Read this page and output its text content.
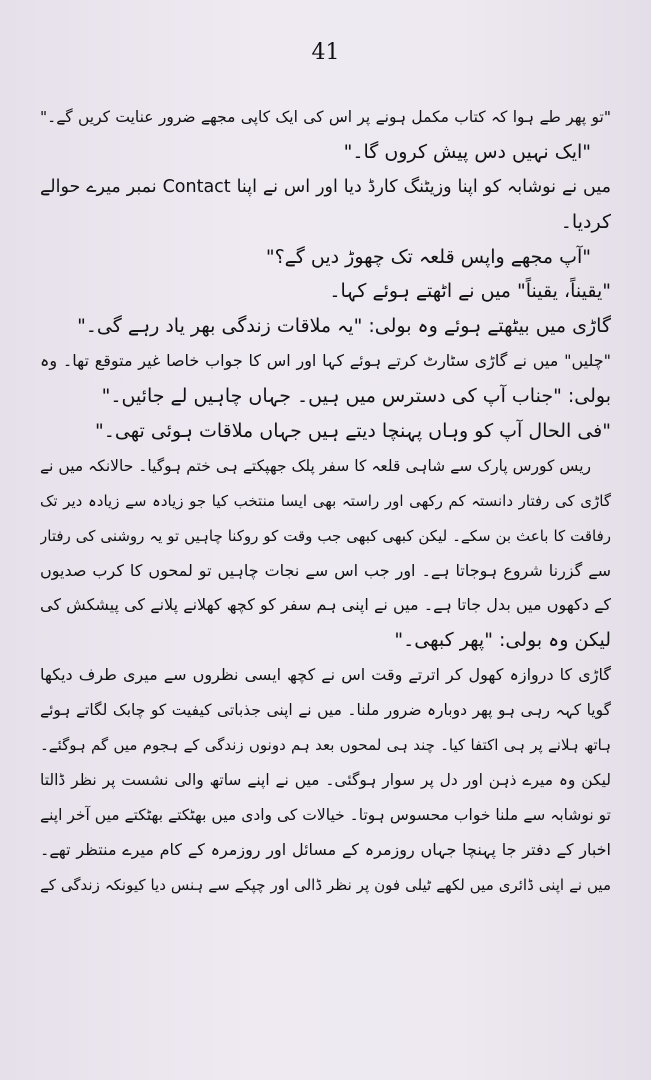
41
"تو پھر طے ہوا کہ کتاب مکمل ہونے پر اس کی ایک کاپی مجھے ضرور عنایت کریں گے۔"
"ایک نہیں دس پیش کروں گا۔"
میں نے نوشابہ کو اپنا وزیٹنگ کارڈ دیا اور اس نے اپنا Contact نمبر میرے حوالے
کردیا۔
"آپ مجھے واپس قلعہ تک چھوڑ دیں گے؟"
"یقیناً، یقیناً" میں نے اٹھتے ہوئے کہا۔
گاڑی میں بیٹھتے ہوئے وہ بولی: "یہ ملاقات زندگی بھر یاد رہے گی۔"
"چلیں" میں نے گاڑی سٹارٹ کرتے ہوئے کہا اور اس کا جواب خاصا غیر متوقع تھا۔ وہ
بولی: "جناب آپ کی دسترس میں ہیں۔ جہاں چاہیں لے جائیں۔"
"فی الحال آپ کو وہاں پہنچا دیتے ہیں جہاں ملاقات ہوئی تھی۔"
ریس کورس پارک سے شاہی قلعہ کا سفر پلک جھپکتے ہی ختم ہوگیا۔ حالانکہ میں نے
گاڑی کی رفتار دانستہ کم رکھی اور راستہ بھی ایسا منتخب کیا جو زیادہ سے زیادہ دیر تک
رفاقت کا باعث بن سکے۔ لیکن کبھی کبھی جب وقت کو روکنا چاہیں تو یہ روشنی کی رفتار
سے گزرنا شروع ہوجاتا ہے۔ اور جب اس سے نجات چاہیں تو لمحوں کا کرب صدیوں
کے دکھوں میں بدل جاتا ہے۔ میں نے اپنی ہم سفر کو کچھ کھلانے پلانے کی پیشکش کی
لیکن وہ بولی: "پھر کبھی۔"
گاڑی کا دروازہ کھول کر اترتے وقت اس نے کچھ ایسی نظروں سے میری طرف دیکھا
گویا کہہ رہی ہو پھر دوبارہ ضرور ملنا۔ میں نے اپنی جذباتی کیفیت کو چابک لگاتے ہوئے
ہاتھ ہلانے پر ہی اکتفا کیا۔ چند ہی لمحوں بعد ہم دونوں زندگی کے ہجوم میں گم ہوگئے۔
لیکن وہ میرے ذہن اور دل پر سوار ہوگئی۔ میں نے اپنے ساتھ والی نشست پر نظر ڈالتا
تو نوشابہ سے ملنا خواب محسوس ہوتا۔ خیالات کی وادی میں بھٹکتے بھٹکتے میں آخر اپنے
اخبار کے دفتر جا پہنچا جہاں روزمرہ کے مسائل اور روزمرہ کے کام میرے منتظر تھے۔
میں نے اپنی ڈائری میں لکھے ٹیلی فون پر نظر ڈالی اور چپکے سے ہنس دیا کیونکہ زندگی کے
